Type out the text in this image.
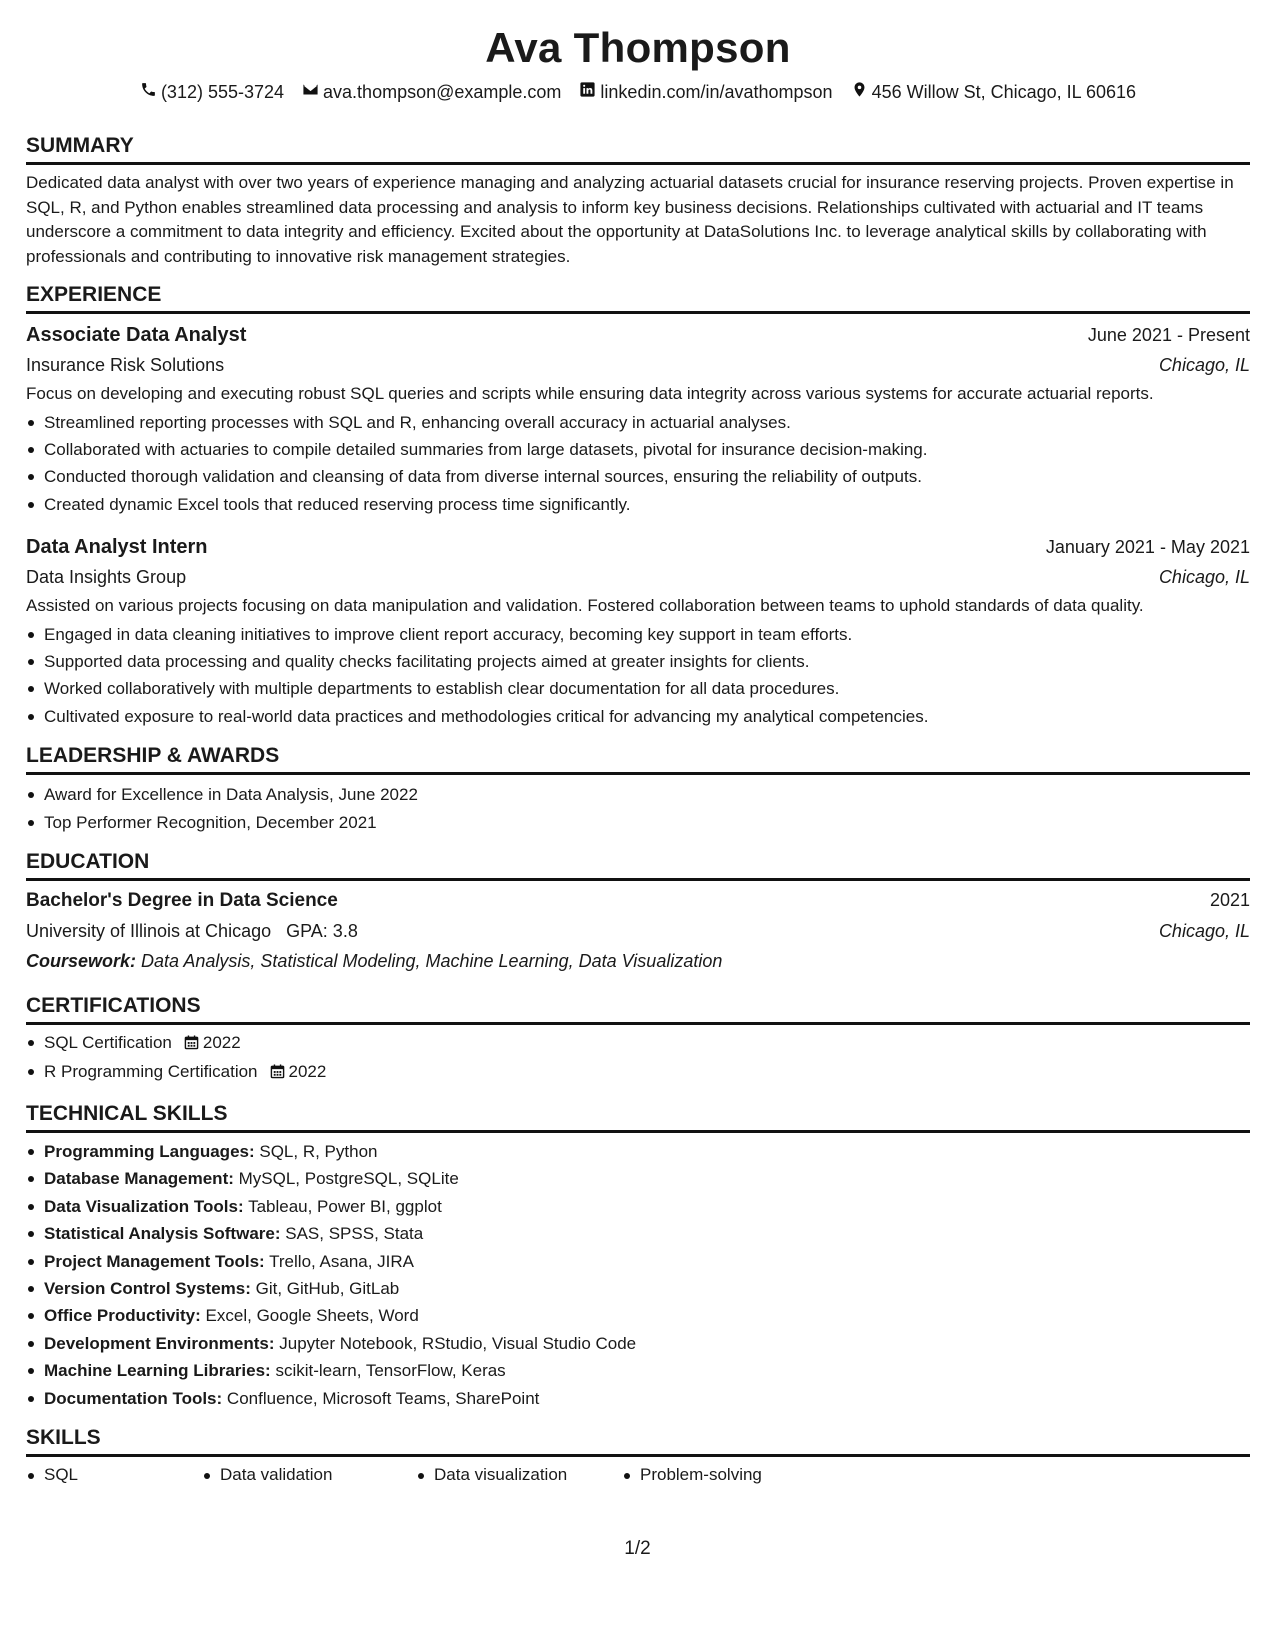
Ava Thompson
(312) 555-3724 ava.thompson@example.com linkedin.com/in/avathompson 456 Willow St, Chicago, IL 60616
SUMMARY
Dedicated data analyst with over two years of experience managing and analyzing actuarial datasets crucial for insurance reserving projects. Proven expertise in SQL, R, and Python enables streamlined data processing and analysis to inform key business decisions. Relationships cultivated with actuarial and IT teams underscore a commitment to data integrity and efficiency. Excited about the opportunity at DataSolutions Inc. to leverage analytical skills by collaborating with professionals and contributing to innovative risk management strategies.
EXPERIENCE
Associate Data Analyst	June 2021 - Present
Insurance Risk Solutions	Chicago, IL
Focus on developing and executing robust SQL queries and scripts while ensuring data integrity across various systems for accurate actuarial reports.
Streamlined reporting processes with SQL and R, enhancing overall accuracy in actuarial analyses.
Collaborated with actuaries to compile detailed summaries from large datasets, pivotal for insurance decision-making.
Conducted thorough validation and cleansing of data from diverse internal sources, ensuring the reliability of outputs.
Created dynamic Excel tools that reduced reserving process time significantly.
Data Analyst Intern	January 2021 - May 2021
Data Insights Group	Chicago, IL
Assisted on various projects focusing on data manipulation and validation. Fostered collaboration between teams to uphold standards of data quality.
Engaged in data cleaning initiatives to improve client report accuracy, becoming key support in team efforts.
Supported data processing and quality checks facilitating projects aimed at greater insights for clients.
Worked collaboratively with multiple departments to establish clear documentation for all data procedures.
Cultivated exposure to real-world data practices and methodologies critical for advancing my analytical competencies.
LEADERSHIP & AWARDS
Award for Excellence in Data Analysis, June 2022
Top Performer Recognition, December 2021
EDUCATION
Bachelor's Degree in Data Science	2021
University of Illinois at Chicago GPA: 3.8	Chicago, IL
Coursework: Data Analysis, Statistical Modeling, Machine Learning, Data Visualization
CERTIFICATIONS
SQL Certification 2022
R Programming Certification 2022
TECHNICAL SKILLS
Programming Languages: SQL, R, Python
Database Management: MySQL, PostgreSQL, SQLite
Data Visualization Tools: Tableau, Power BI, ggplot
Statistical Analysis Software: SAS, SPSS, Stata
Project Management Tools: Trello, Asana, JIRA
Version Control Systems: Git, GitHub, GitLab
Office Productivity: Excel, Google Sheets, Word
Development Environments: Jupyter Notebook, RStudio, Visual Studio Code
Machine Learning Libraries: scikit-learn, TensorFlow, Keras
Documentation Tools: Confluence, Microsoft Teams, SharePoint
SKILLS
SQL	Data validation	Data visualization	Problem-solving
1/2
